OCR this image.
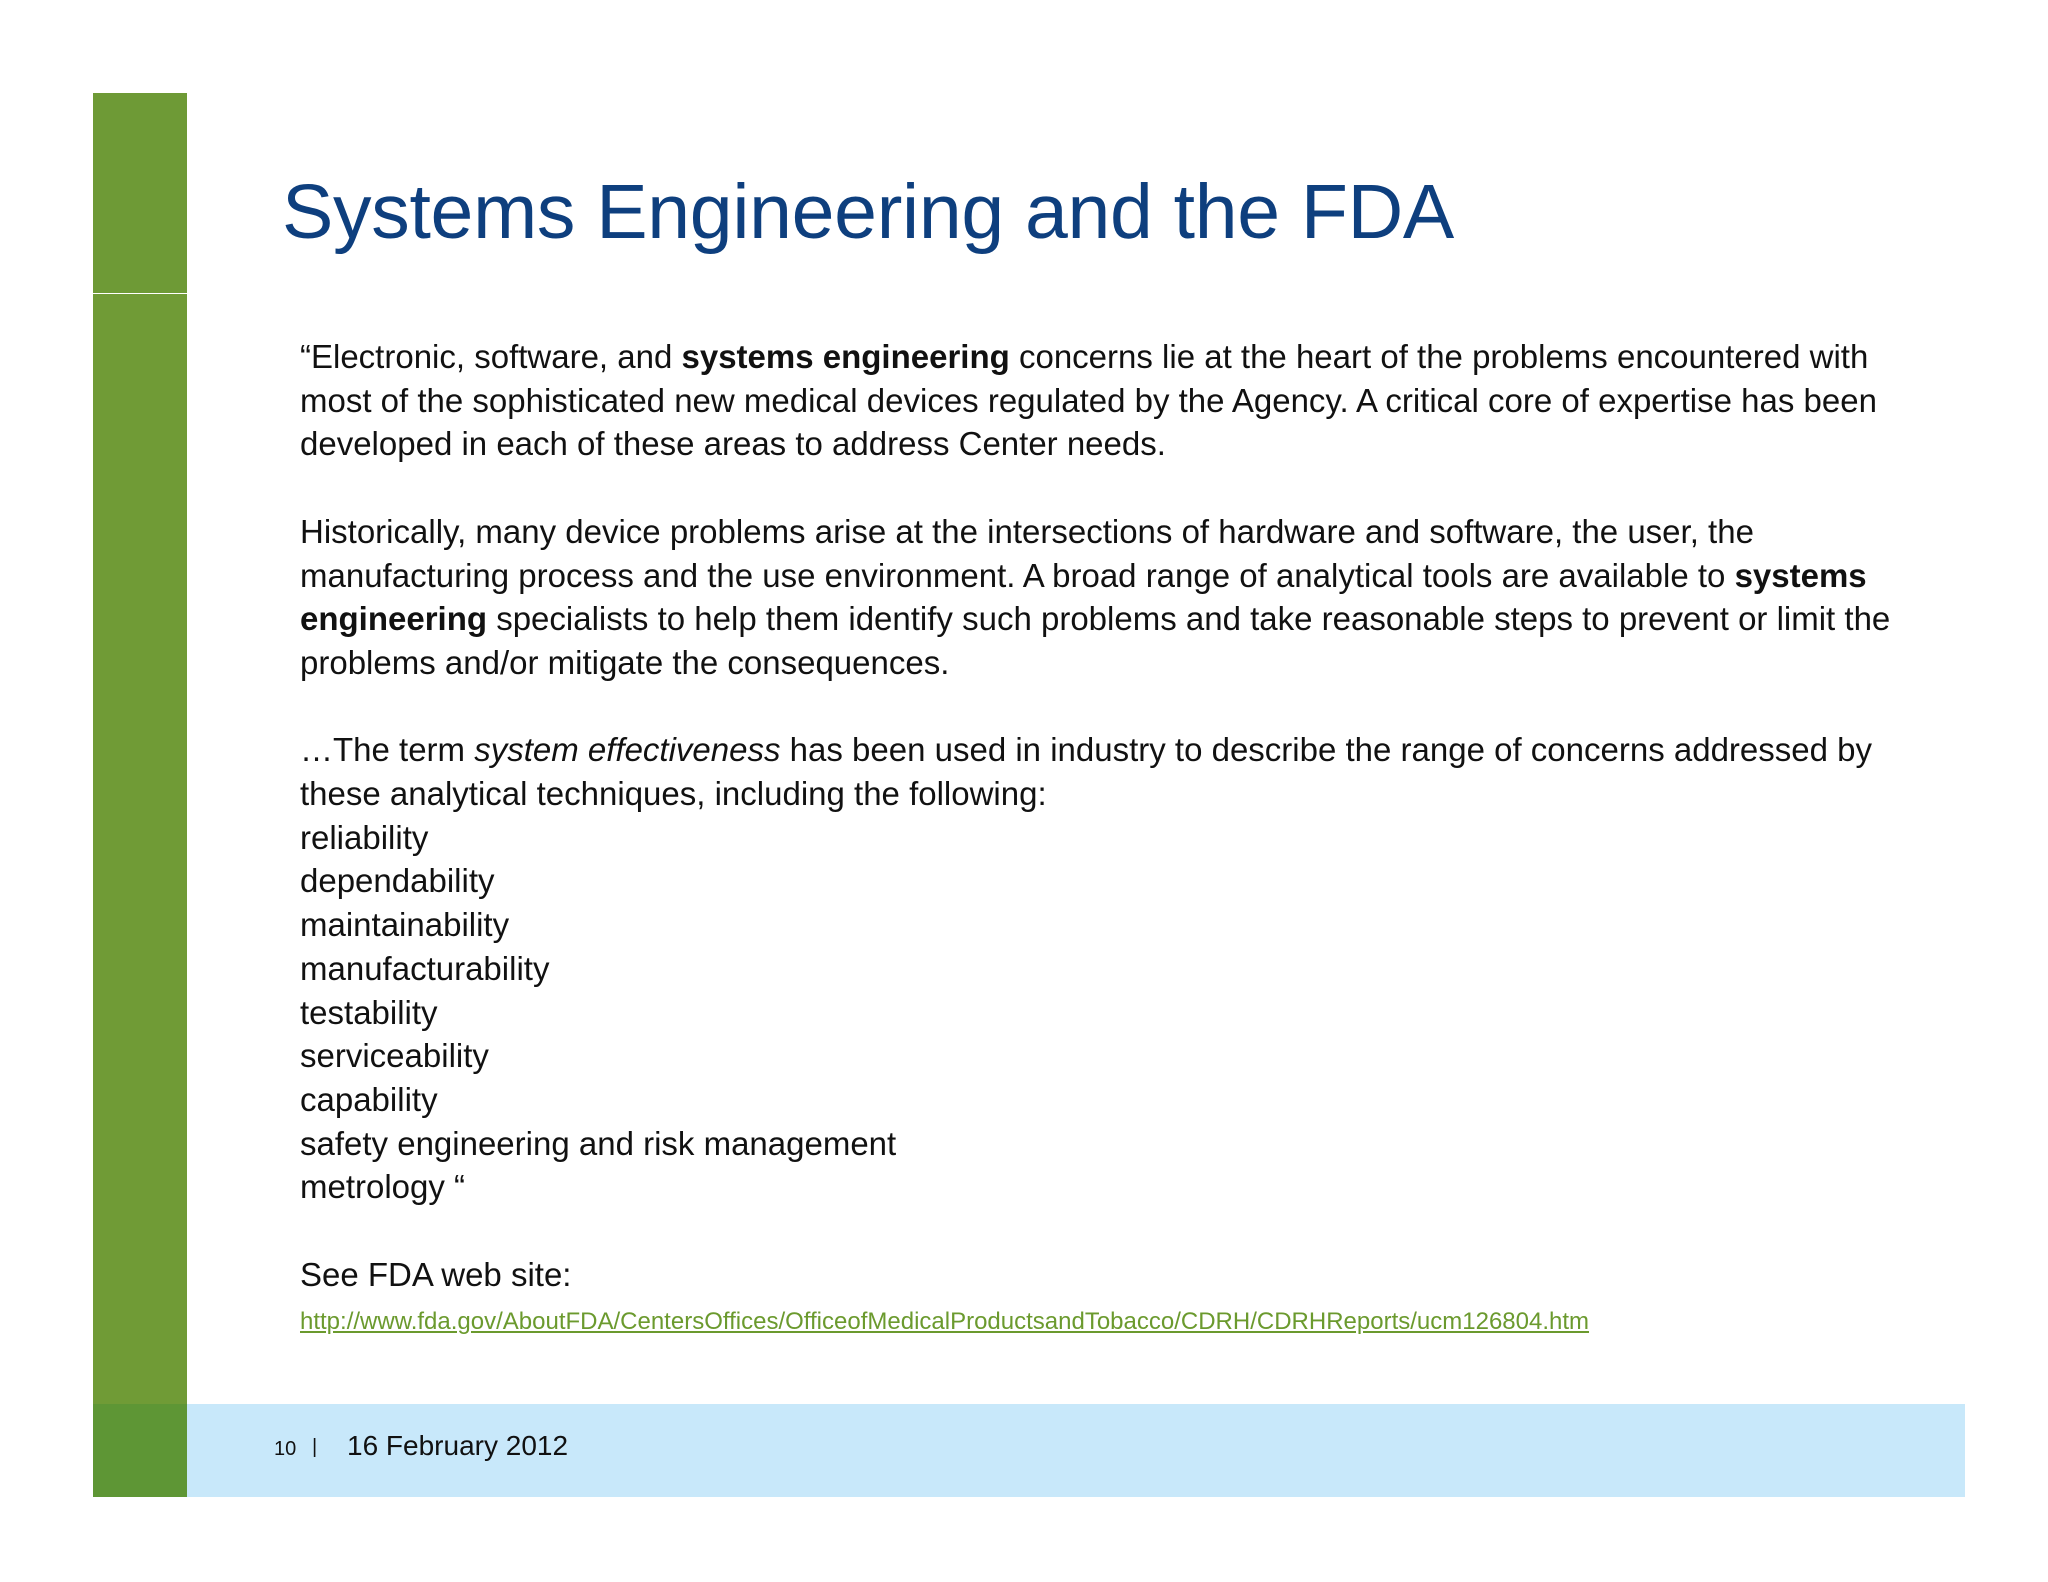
Systems Engineering and the FDA

“Electronic, software, and systems engineering concerns lie at the heart of the problems encountered with most of the sophisticated new medical devices regulated by the Agency. A critical core of expertise has been developed in each of these areas to address Center needs.

Historically, many device problems arise at the intersections of hardware and software, the user, the manufacturing process and the use environment. A broad range of analytical tools are available to systems engineering specialists to help them identify such problems and take reasonable steps to prevent or limit the problems and/or mitigate the consequences.

…The term system effectiveness has been used in industry to describe the range of concerns addressed by these analytical techniques, including the following:

reliability
dependability
maintainability
manufacturability
testability
serviceability
capability
safety engineering and risk management
metrology “

See FDA web site:

http://www.fda.gov/AboutFDA/CentersOffices/OfficeofMedicalProductsandTobacco/CDRH/CDRHReports/ucm126804.htm
10 | 16 February 2012
